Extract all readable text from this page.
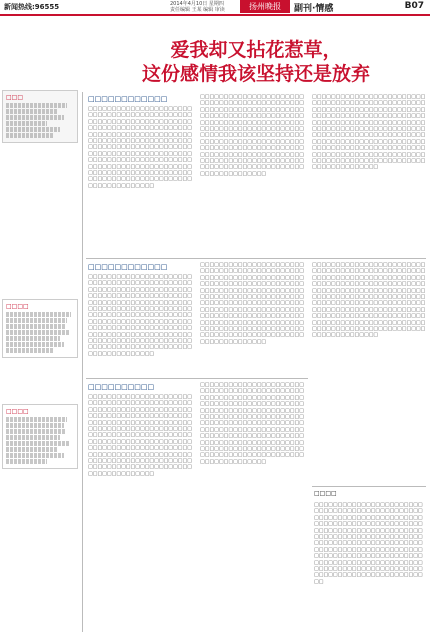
新闻热线:96555	2014年4月10日 星期四
责任编辑 王某 编辑 审读	扬州晚报	副刊·情感	B07
爱我却又拈花惹草，
这份感情我该坚持还是放弃
□□□
□□□□
□□□□
□□□□□□□□□□□□

□□□□□□□□□□□□□□□□□□□□□□□□□□□□□□□□□□□□□□□□□□□□□□□□□□□□□□□□□□□□□□□□□□□□□□□□□□□□□□□□□□□□□□□□□□□□□□□□□□□□□□□□□□□□□□□□□□□□□□□□□□□□□□□□□□□□□□□□□□□□□□□□□□□□□□□□□□□□□□□□□□□□□□□□□□□□□□□□□□□□□□□□□□□□□□□□□□□□□□□□□□□□□□□□□□□□□□□□□□□□□□□□□□□□□□□□□□□□□□□□□□□□□□□□□□□□□□□□□□□□□□□□□□□□□□□□□□□□□□

□□□□□□□□□□□□□□□□□□□□□□□□□□□□□□□□□□□□□□□□□□□□□□□□□□□□□□□□□□□□□□□□□□□□□□□□□□□□□□□□□□□□□□□□□□□□□□□□□□□□□□□□□□□□□□□□□□□□□□□□□□□□□□□□□□□□□□□□□□□□□□□□□□□□□□□□□□□□□□□□□□□□□□□□□□□□□□□□□□□□□□□□□□□□□□□□□□□□□□□□□□□□□□□□□□□□□□□□□□□□□□□□□□□□□□□□□□□□□□□□□□□□□□□□□□□□□□□□□□□□□□□□□□□□□□□□□□□□□□

□□□□□□□□□□□□□□□□□□□□□□□□□□□□□□□□□□□□□□□□□□□□□□□□□□□□□□□□□□□□□□□□□□□□□□□□□□□□□□□□□□□□□□□□□□□□□□□□□□□□□□□□□□□□□□□□□□□□□□□□□□□□□□□□□□□□□□□□□□□□□□□□□□□□□□□□□□□□□□□□□□□□□□□□□□□□□□□□□□□□□□□□□□□□□□□□□□□□□□□□□□□□□□□□□□□□□□□□□□□□□□□□□□□□□□□□□□□□□□□□□□□□□□□□□□□□□□□□□□□□□□□□□□□□□□□□□□□□□□

□□□□□□□□□□□□

□□□□□□□□□□□□□□□□□□□□□□□□□□□□□□□□□□□□□□□□□□□□□□□□□□□□□□□□□□□□□□□□□□□□□□□□□□□□□□□□□□□□□□□□□□□□□□□□□□□□□□□□□□□□□□□□□□□□□□□□□□□□□□□□□□□□□□□□□□□□□□□□□□□□□□□□□□□□□□□□□□□□□□□□□□□□□□□□□□□□□□□□□□□□□□□□□□□□□□□□□□□□□□□□□□□□□□□□□□□□□□□□□□□□□□□□□□□□□□□□□□□□□□□□□□□□□□□□□□□□□□□□□□□□□□□□□□□□□□

□□□□□□□□□□□□□□□□□□□□□□□□□□□□□□□□□□□□□□□□□□□□□□□□□□□□□□□□□□□□□□□□□□□□□□□□□□□□□□□□□□□□□□□□□□□□□□□□□□□□□□□□□□□□□□□□□□□□□□□□□□□□□□□□□□□□□□□□□□□□□□□□□□□□□□□□□□□□□□□□□□□□□□□□□□□□□□□□□□□□□□□□□□□□□□□□□□□□□□□□□□□□□□□□□□□□□□□□□□□□□□□□□□□□□□□□□□□□□□□□□□□□□□□□□□□□□□□□□□□□□□□□□□□□□□□□□□□□□□

□□□□□□□□□□

□□□□□□□□□□□□□□□□□□□□□□□□□□□□□□□□□□□□□□□□□□□□□□□□□□□□□□□□□□□□□□□□□□□□□□□□□□□□□□□□□□□□□□□□□□□□□□□□□□□□□□□□□□□□□□□□□□□□□□□□□□□□□□□□□□□□□□□□□□□□□□□□□□□□□□□□□□□□□□□□□□□□□□□□□□□□□□□□□□□□□□□□□□□□□□□□□□□□□□□□□□□□□□□□□□□□□□□□□□□□□□□□□□□□□□□□□□□□□□□□□□□□□□□□□□□□□□□□□□□□□□□□□□□□□□□□□□□□□□

□□□□□□□□□□□□□□□□□□□□□□□□□□□□□□□□□□□□□□□□□□□□□□□□□□□□□□□□□□□□□□□□□□□□□□□□□□□□□□□□□□□□□□□□□□□□□□□□□□□□□□□□□□□□□□□□□□□□□□□□□□□□□□□□□□□□□□□□□□□□□□□□□□□□□□□□□□□□□□□□□□□□□□□□□□□□□□□□□□□□□□□□□□□□□□□□□□□□□□□□□□□□□□□□□□□□□□□□□□□□□□□□□□□□□□□□□□□□□□□□□□□□□□□□□□□□□□□□□□□□□□□□□□□□□□□□□□□□□□

□□□□□□□□□□□□□□□□□□□□□□□□□□□□□□□□□□□□□□□□□□□□□□□□□□□□□□□□□□□□□□□□□□□□□□□□□□□□□□□□□□□□□□□□□□□□□□□□□□□□□□□□□□□□□□□□□□□□□□□□□□□□□□□□□□□□□□□□□□□□□□□□□□□□□□□□□□□□□□□□□□□□□□□□□□□□□□□□□□□□□□□□□□□□□□□□□□□□□□□□□□□□□□□□□□□□□□□□□□□□□□□□□□□□□□□□□□□□□□□□□□□□□□□□□□□□□□□□□□□□□□□□□□□□□□□□□□□□□□

□□□□

□□□□□□□□□□□□□□□□□□□□□□□□□□□□□□□□□□□□□□□□□□□□□□□□□□□□□□□□□□□□□□□□□□□□□□□□□□□□□□□□□□□□□□□□□□□□□□□□□□□□□□□□□□□□□□□□□□□□□□□□□□□□□□□□□□□□□□□□□□□□□□□□□□□□□□□□□□□□□□□□□□□□□□□□□□□□□□□□□□□□□□□□□□□□□□□□□□□□□□□□□□□□□□□□□□□□□□□□□□□□□□□□□□□□□□□□□□□□□□□□□□□□□□□□□□□□□□□□□□□□□□□□□□□□□□□□□□□□□□
